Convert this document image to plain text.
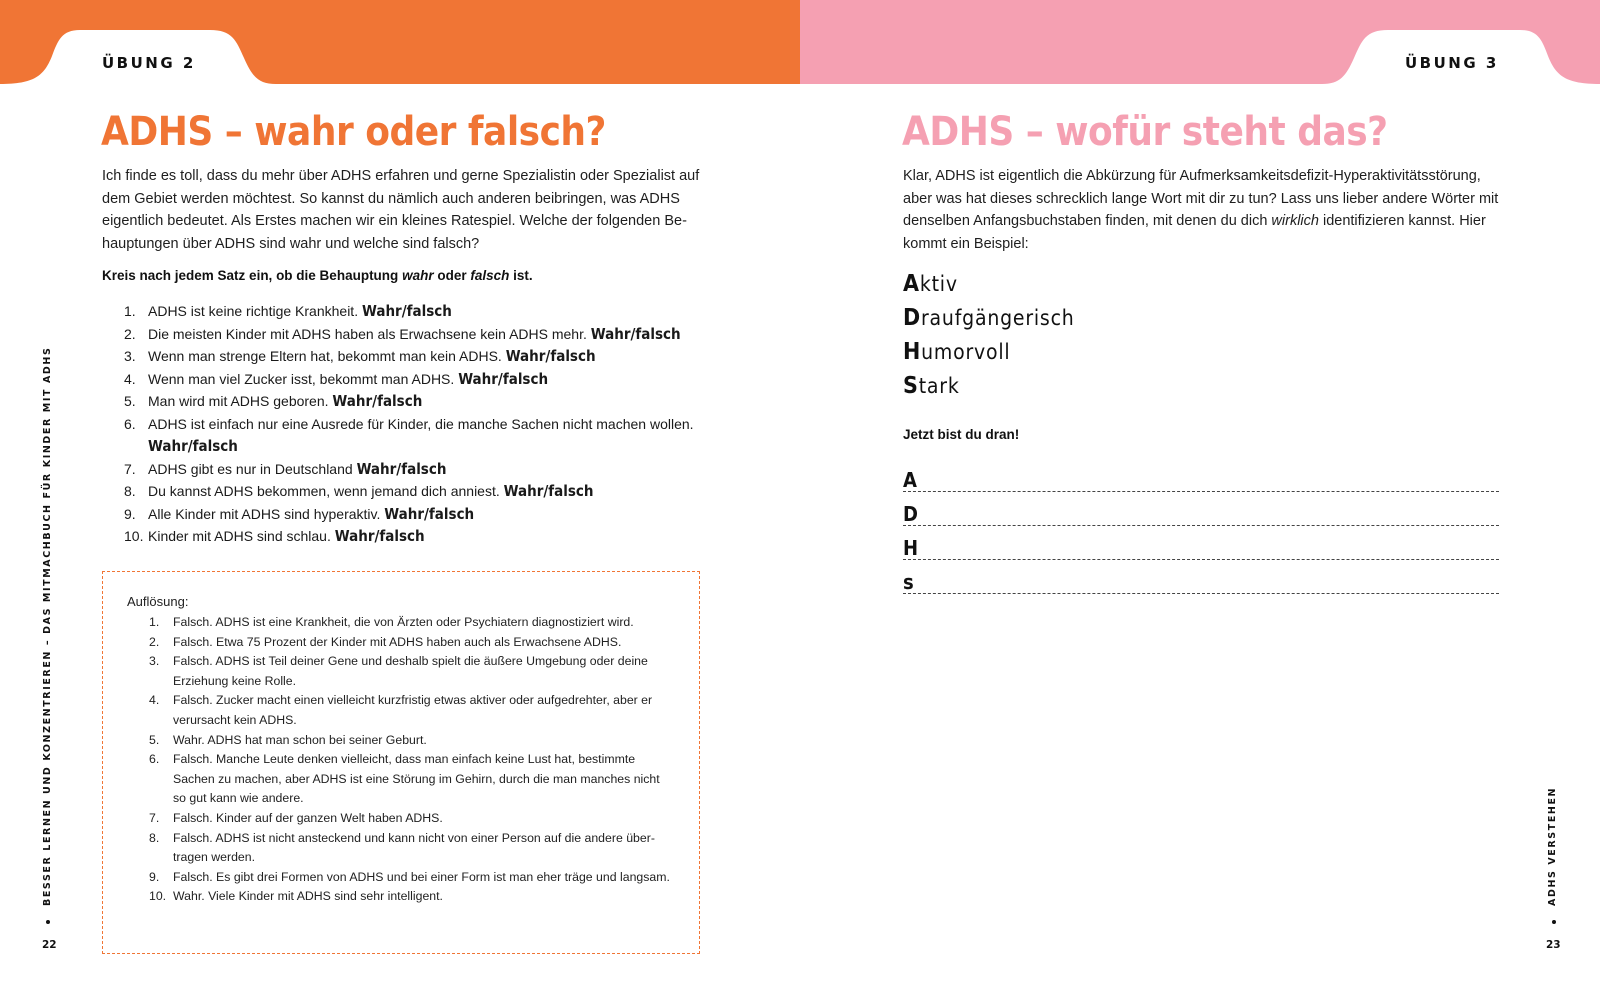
ÜBUNG 2
ADHS – wahr oder falsch?

Ich finde es toll, dass du mehr über ADHS erfahren und gerne Spezialistin oder Spezialist auf dem Gebiet werden möchtest. So kannst du nämlich auch anderen beibringen, was ADHS eigentlich bedeutet. Als Erstes machen wir ein kleines Ratespiel. Welche der folgenden Be-hauptungen über ADHS sind wahr und welche sind falsch?

Kreis nach jedem Satz ein, ob die Behauptung wahr oder falsch ist.

1. ADHS ist keine richtige Krankheit. Wahr/falsch
2. Die meisten Kinder mit ADHS haben als Erwachsene kein ADHS mehr. Wahr/falsch
3. Wenn man strenge Eltern hat, bekommt man kein ADHS. Wahr/falsch
4. Wenn man viel Zucker isst, bekommt man ADHS. Wahr/falsch
5. Man wird mit ADHS geboren. Wahr/falsch
6. ADHS ist einfach nur eine Ausrede für Kinder, die manche Sachen nicht machen wollen. Wahr/falsch
7. ADHS gibt es nur in Deutschland Wahr/falsch
8. Du kannst ADHS bekommen, wenn jemand dich anniest. Wahr/falsch
9. Alle Kinder mit ADHS sind hyperaktiv. Wahr/falsch
10. Kinder mit ADHS sind schlau. Wahr/falsch
Auflösung:
1. Falsch. ADHS ist eine Krankheit, die von Ärzten oder Psychiatern diagnostiziert wird.
2. Falsch. Etwa 75 Prozent der Kinder mit ADHS haben auch als Erwachsene ADHS.
3. Falsch. ADHS ist Teil deiner Gene und deshalb spielt die äußere Umgebung oder deine Erziehung keine Rolle.
4. Falsch. Zucker macht einen vielleicht kurzfristig etwas aktiver oder aufgedrehter, aber er verursacht kein ADHS.
5. Wahr. ADHS hat man schon bei seiner Geburt.
6. Falsch. Manche Leute denken vielleicht, dass man einfach keine Lust hat, bestimmte Sachen zu machen, aber ADHS ist eine Störung im Gehirn, durch die man manches nicht so gut kann wie andere.
7. Falsch. Kinder auf der ganzen Welt haben ADHS.
8. Falsch. ADHS ist nicht ansteckend und kann nicht von einer Person auf die andere über-tragen werden.
9. Falsch. Es gibt drei Formen von ADHS und bei einer Form ist man eher träge und langsam.
10. Wahr. Viele Kinder mit ADHS sind sehr intelligent.
BESSER LERNEN UND KONZENTRIEREN – DAS MITMACHBUCH FÜR KINDER MIT ADHS
22
ÜBUNG 3
ADHS – wofür steht das?

Klar, ADHS ist eigentlich die Abkürzung für Aufmerksamkeitsdefizit-Hyperaktivitätsstörung, aber was hat dieses schrecklich lange Wort mit dir zu tun? Lass uns lieber andere Wörter mit denselben Anfangsbuchstaben finden, mit denen du dich wirklich identifizieren kannst. Hier kommt ein Beispiel:

Aktiv
Draufgängerisch
Humorvoll
Stark
Jetzt bist du dran!
A
D
H
s
ADHS VERSTEHEN
23
